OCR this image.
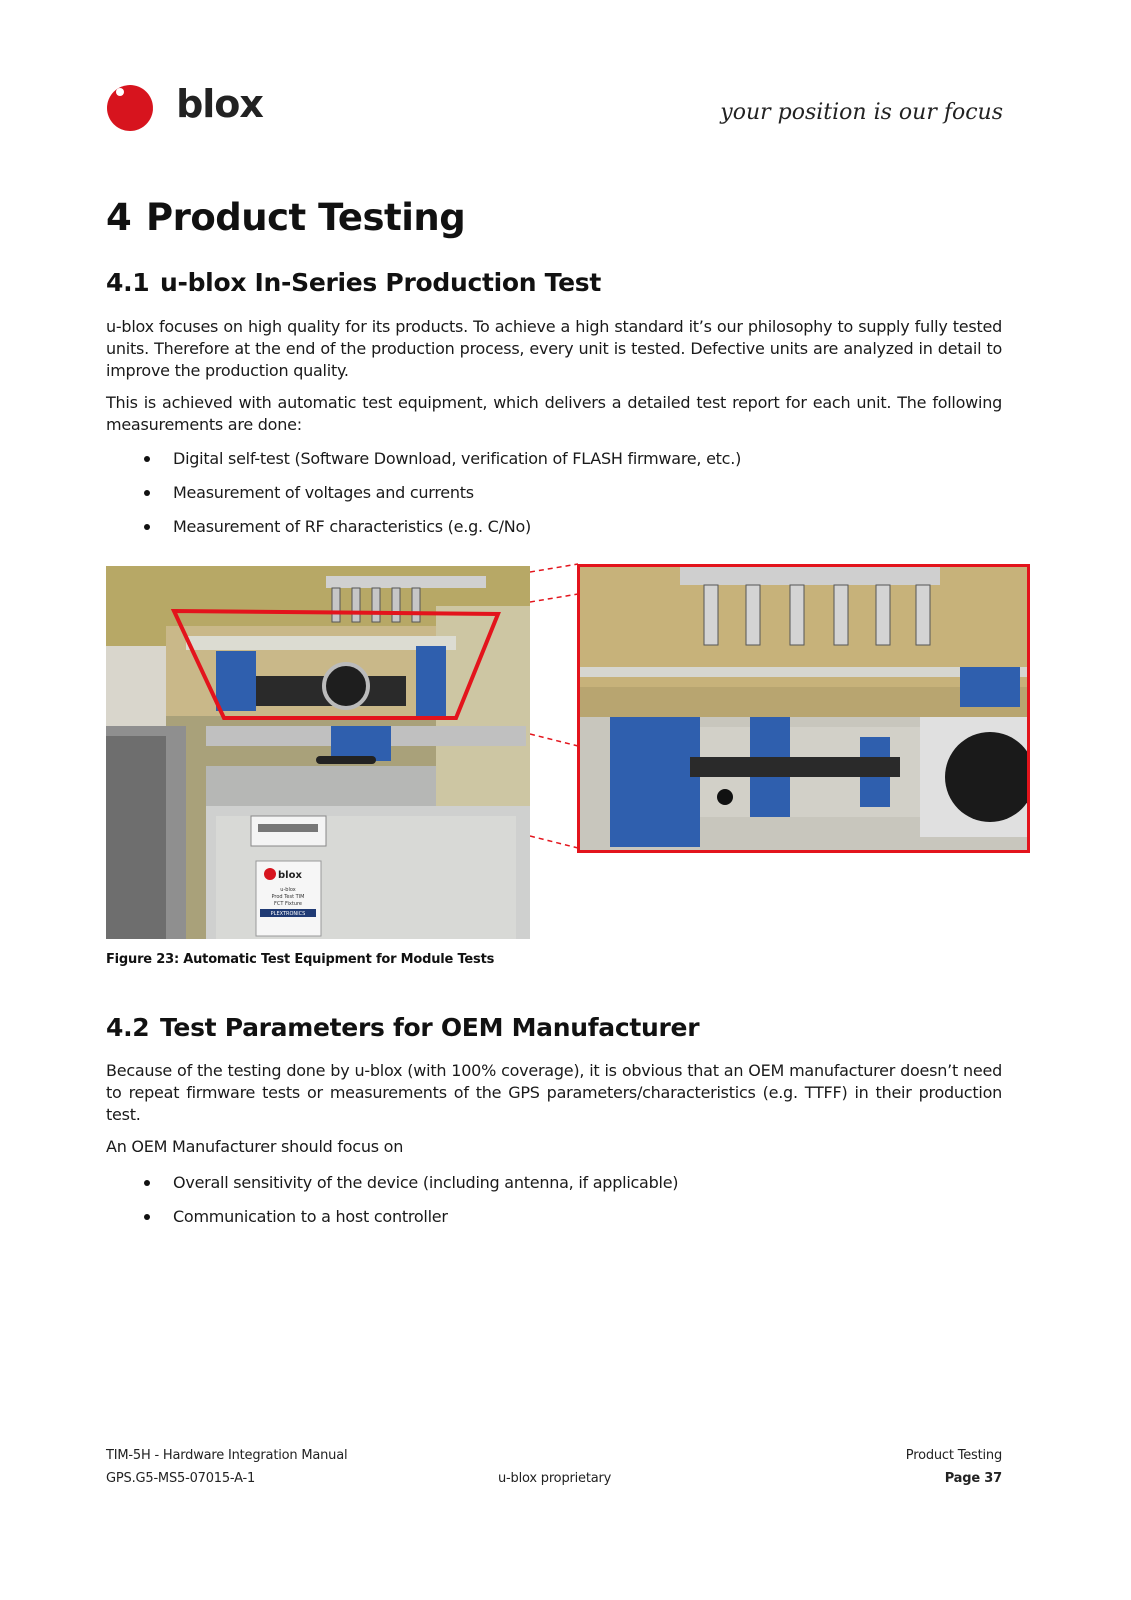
ublox	your position is our focus
4 Product Testing
4.1 u-blox In-Series Production Test

u-blox focuses on high quality for its products. To achieve a high standard it’s our philosophy to supply fully tested units. Therefore at the end of the production process, every unit is tested. Defective units are analyzed in detail to improve the production quality.

This is achieved with automatic test equipment, which delivers a detailed test report for each unit. The following measurements are done:

Digital self-test (Software Download, verification of FLASH firmware, etc.)
Measurement of voltages and currents
Measurement of RF characteristics (e.g. C/No)
blox
u-blox
Prod Test TIM
FCT Fixture
PLEXTRONICS
Figure 23: Automatic Test Equipment for Module Tests
4.2 Test Parameters for OEM Manufacturer

Because of the testing done by u-blox (with 100% coverage), it is obvious that an OEM manufacturer doesn’t need to repeat firmware tests or measurements of the GPS parameters/characteristics (e.g. TTFF) in their production test.

An OEM Manufacturer should focus on

Overall sensitivity of the device (including antenna, if applicable)
Communication to a host controller
TIM-5H - Hardware Integration Manual
GPS.G5-MS5-07015-A-1	u-blox proprietary
Product Testing
Page 37
